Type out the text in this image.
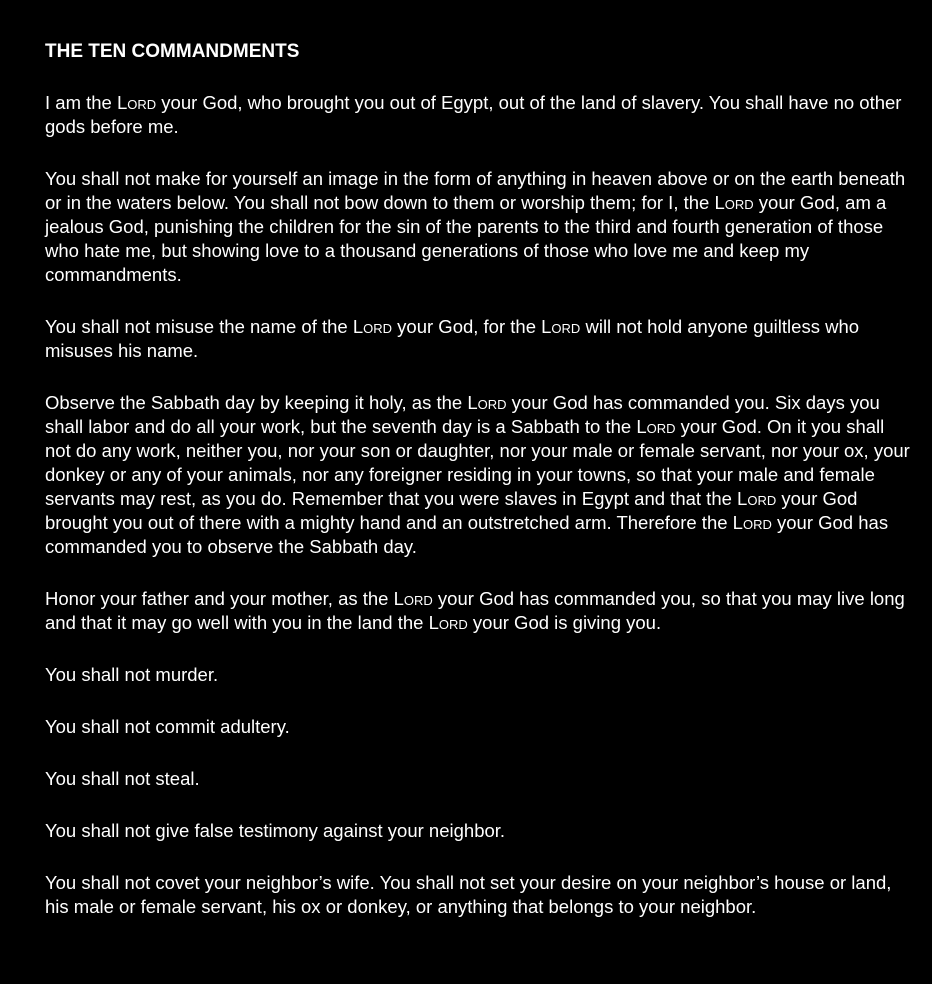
THE TEN COMMANDMENTS

I am the Lord your God, who brought you out of Egypt, out of the land of slavery. You shall have no other gods before me.

You shall not make for yourself an image in the form of anything in heaven above or on the earth beneath or in the waters below. You shall not bow down to them or worship them; for I, the Lord your God, am a jealous God, punishing the children for the sin of the parents to the third and fourth generation of those who hate me, but showing love to a thousand generations of those who love me and keep my commandments.

You shall not misuse the name of the Lord your God, for the Lord will not hold anyone guiltless who misuses his name.

Observe the Sabbath day by keeping it holy, as the Lord your God has commanded you. Six days you shall labor and do all your work, but the seventh day is a Sabbath to the Lord your God. On it you shall not do any work, neither you, nor your son or daughter, nor your male or female servant, nor your ox, your donkey or any of your animals, nor any foreigner residing in your towns, so that your male and female servants may rest, as you do. Remember that you were slaves in Egypt and that the Lord your God brought you out of there with a mighty hand and an outstretched arm. Therefore the Lord your God has commanded you to observe the Sabbath day.

Honor your father and your mother, as the Lord your God has commanded you, so that you may live long and that it may go well with you in the land the Lord your God is giving you.

You shall not murder.

You shall not commit adultery.

You shall not steal.

You shall not give false testimony against your neighbor.

You shall not covet your neighbor’s wife. You shall not set your desire on your neighbor’s house or land, his male or female servant, his ox or donkey, or anything that belongs to your neighbor.
